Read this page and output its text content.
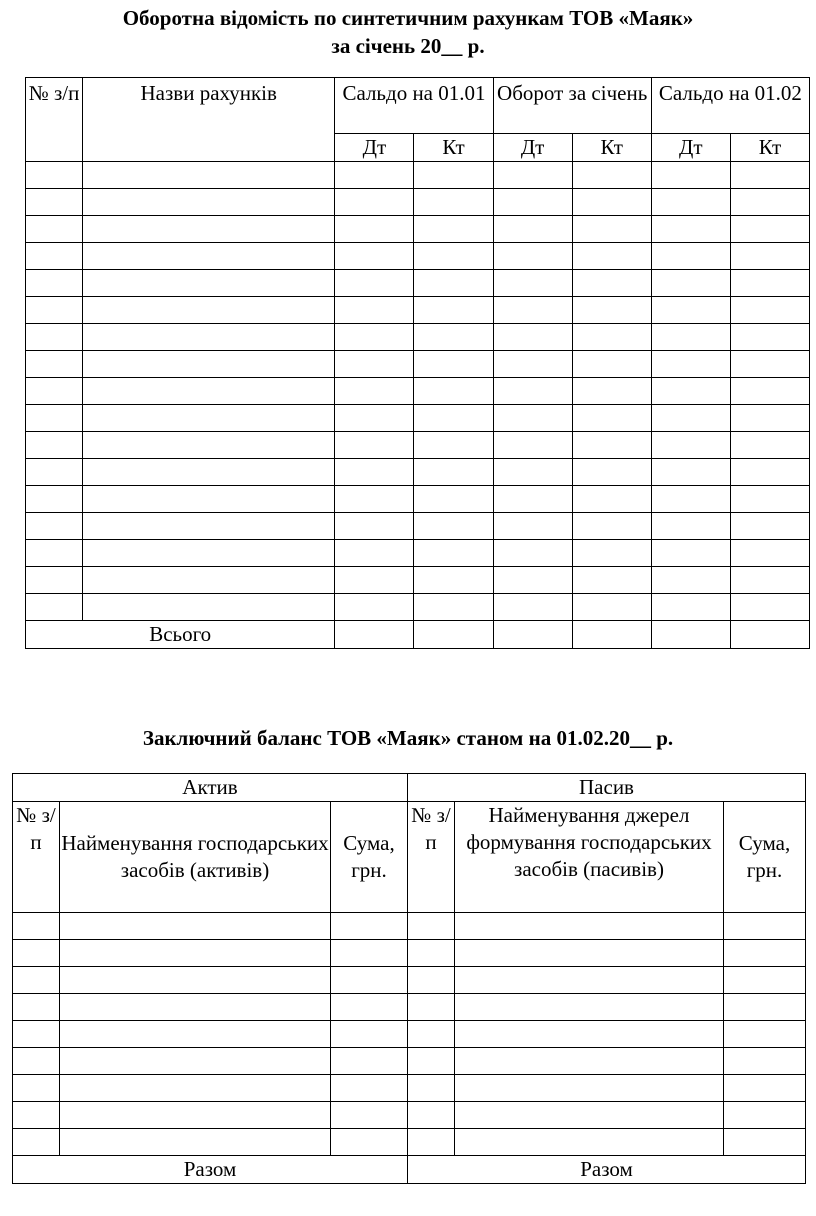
Оборотна відомість по синтетичним рахункам ТОВ «Маяк»
за січень 20__ р.
№ з/п	Назви рахунків	Сальдо на 01.01		Оборот за січень		Сальдо на 01.02	
		Дт	Кт	Дт	Кт	Дт	Кт

Всього							
Заключний баланс ТОВ «Маяк» станом на 01.02.20__ р.
Актив			Пасив		
№ з/п	Найменування господарських засобів (активів)	Сума, грн.	№ з/п	Найменування джерел формування господарських засобів (пасивів)	Сума, грн.

Разом			Разом		
